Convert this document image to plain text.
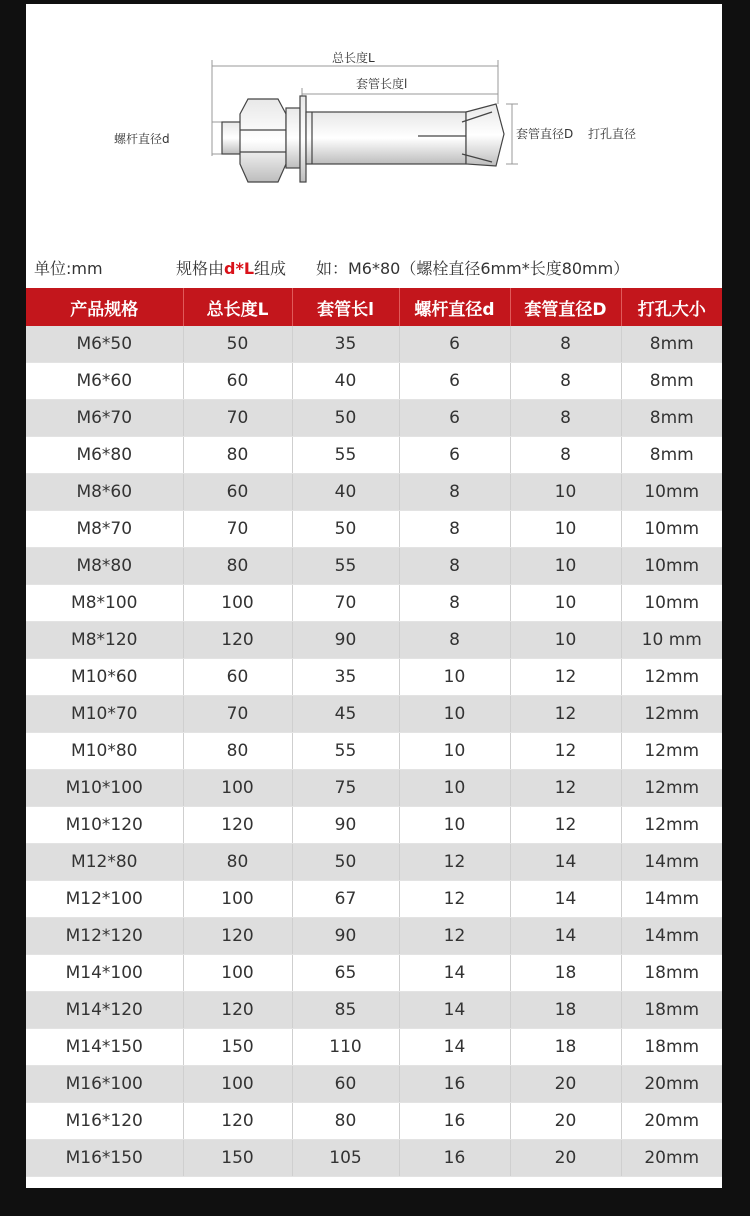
总长度L
套管长度l
螺杆直径d	套管直径D 打孔直径
单位:mm	规格由d*L组成 如：M6*80（螺栓直径6mm*长度80mm）
产品规格	总长度L	套管长l	螺杆直径d	套管直径D	打孔大小
M6*50	50	35	6	8	8mm
M6*60	60	40	6	8	8mm
M6*70	70	50	6	8	8mm
M6*80	80	55	6	8	8mm
M8*60	60	40	8	10	10mm
M8*70	70	50	8	10	10mm
M8*80	80	55	8	10	10mm
M8*100	100	70	8	10	10mm
M8*120	120	90	8	10	10 mm
M10*60	60	35	10	12	12mm
M10*70	70	45	10	12	12mm
M10*80	80	55	10	12	12mm
M10*100	100	75	10	12	12mm
M10*120	120	90	10	12	12mm
M12*80	80	50	12	14	14mm
M12*100	100	67	12	14	14mm
M12*120	120	90	12	14	14mm
M14*100	100	65	14	18	18mm
M14*120	120	85	14	18	18mm
M14*150	150	110	14	18	18mm
M16*100	100	60	16	20	20mm
M16*120	120	80	16	20	20mm
M16*150	150	105	16	20	20mm
